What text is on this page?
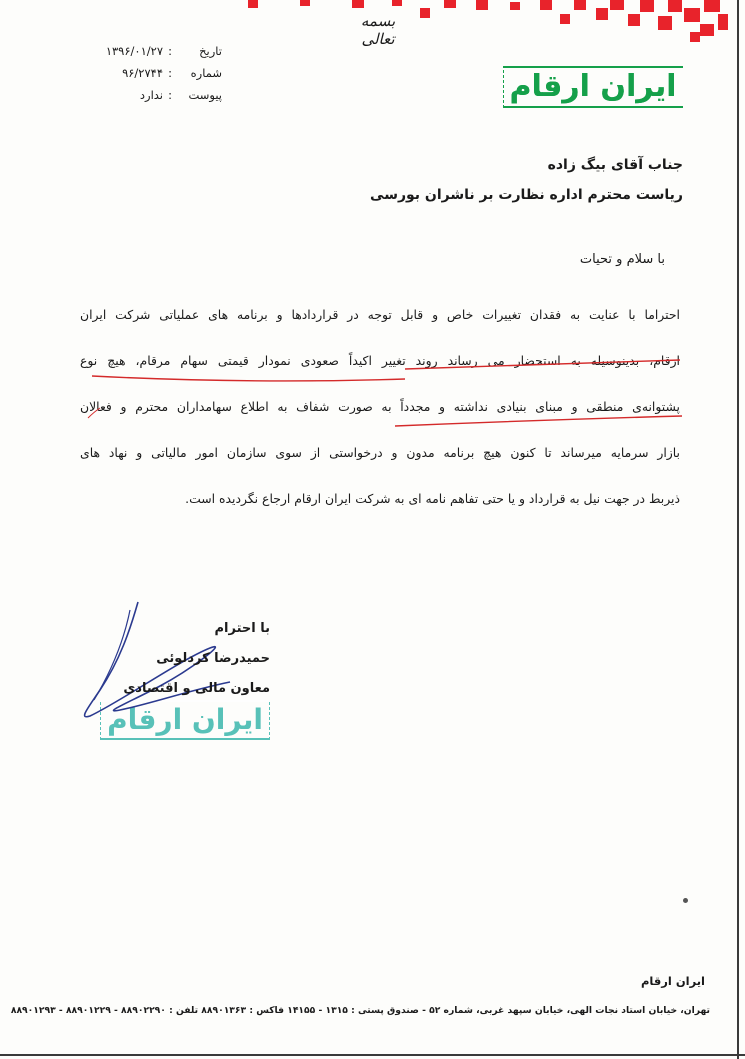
بسمه تعالی
تاریخ
:
۱۳۹۶/۰۱/۲۷
شماره
:
۹۶/۲۷۴۴
پیوست
:
ندارد	ایران ارقام
جناب آقای بیگ زاده
ریاست محترم اداره نظارت بر ناشران بورسی
با سلام و تحیات
احتراما با عنایت به فقدان تغییرات خاص و قابل توجه در قراردادها و برنامه های عملیاتی شرکت ایران
ارقام، بدینوسیله به استحضار می رساند روند تغییر اکیداً صعودی نمودار قیمتی سهام مرقام، هیچ نوع
پشتوانه‌ی منطقی و مبنای بنیادی نداشته و مجدداً به صورت شفاف به اطلاع سهامداران محترم و فعالان
بازار سرمایه میرساند تا کنون هیچ برنامه مدون و درخواستی از سوی سازمان امور مالیاتی و نهاد های
ذیربط در جهت نیل به قرارداد و یا حتی تفاهم نامه ای به شرکت ایران ارقام ارجاع نگردیده است.
ایران ارقام
با احترام
حمیدرضا کردلوئی
معاون مالی و اقتصادی
ایران ارقام
تهران، خیابان استاد نجات الهی، خیابان سپهد غربی، شماره ۵۲ - صندوق پستی : ۱۳۱۵ - ۱۴۱۵۵ فاکس : ۸۸۹۰۱۳۶۳ تلفن : ۸۸۹۰۲۲۹۰ - ۸۸۹۰۱۲۲۹ - ۸۸۹۰۱۲۹۳
